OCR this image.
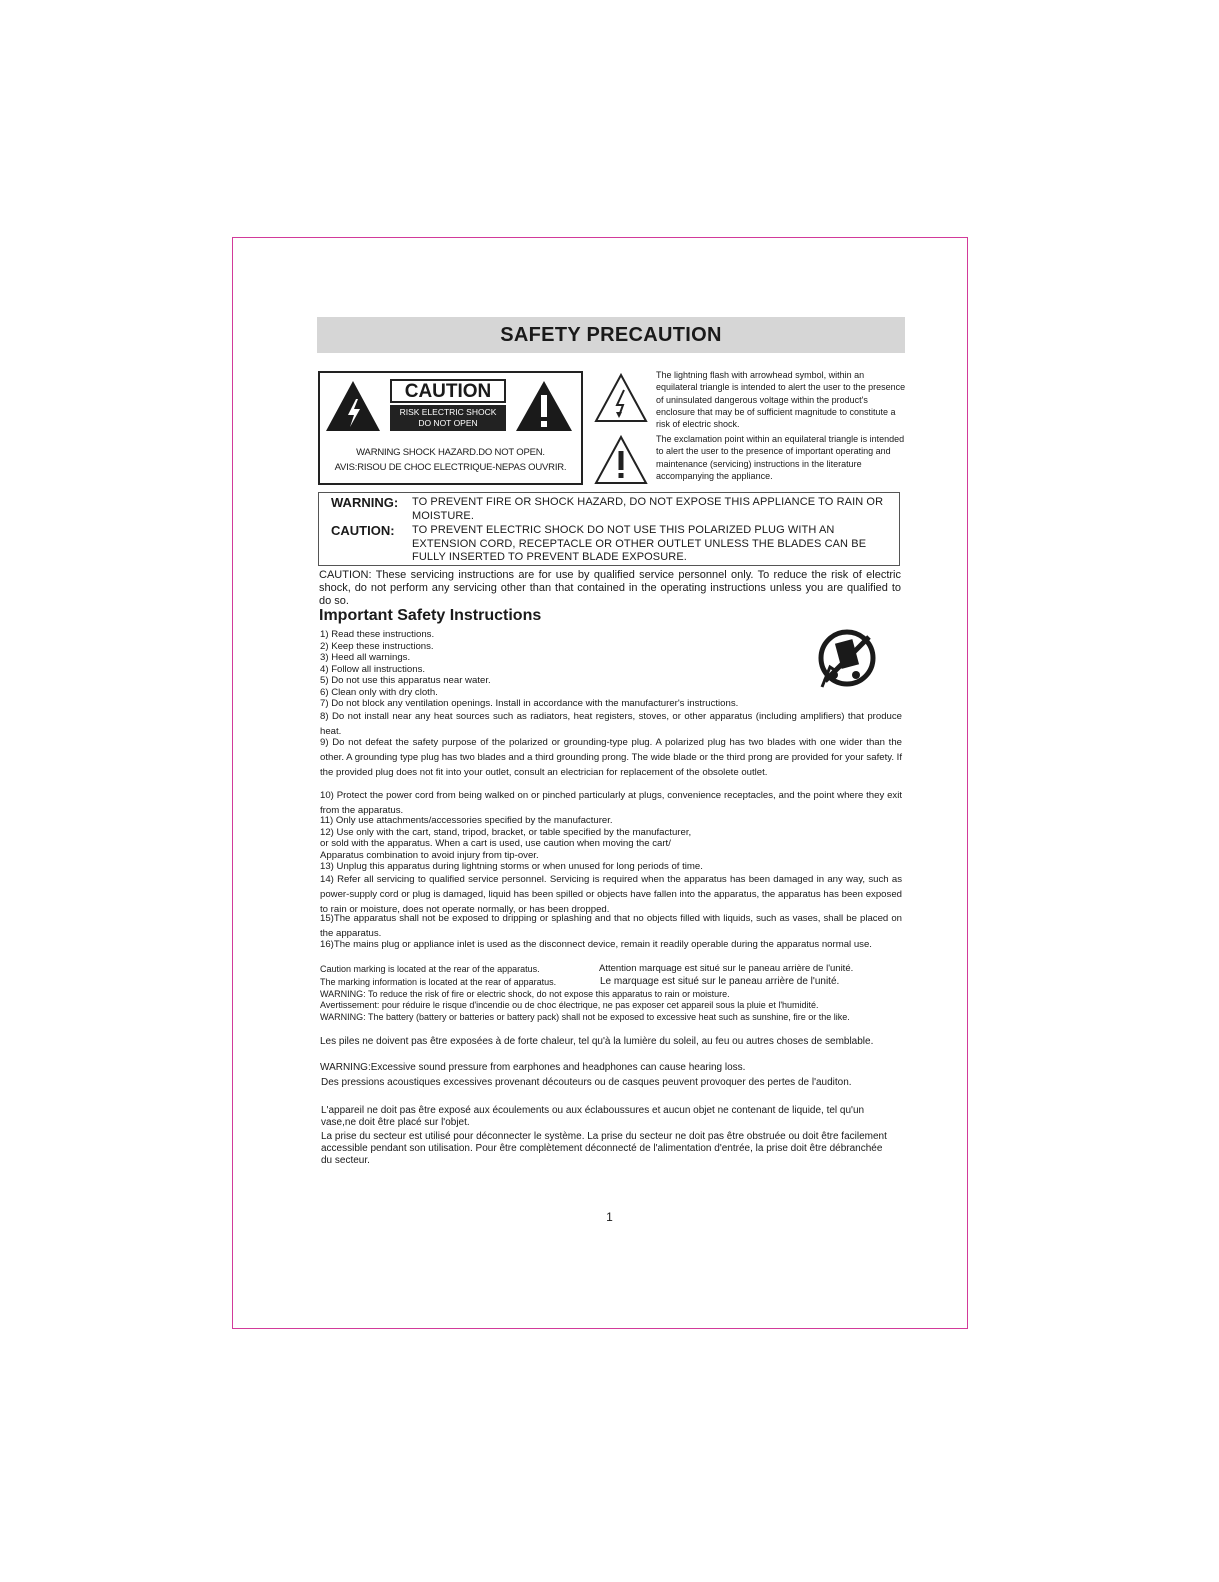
SAFETY PRECAUTION
CAUTION
RISK ELECTRIC SHOCK
DO NOT OPEN
WARNING SHOCK HAZARD.DO NOT OPEN.
AVIS:RISOU DE CHOC ELECTRIQUE-NEPAS OUVRIR.
The lightning flash with arrowhead symbol, within an equilateral triangle is intended to alert the user to the presence of uninsulated dangerous voltage within the product's enclosure that may be of sufficient magnitude to constitute a risk of electric shock.
The exclamation point within an equilateral triangle is intended to alert the user to the presence of important operating and maintenance (servicing) instructions in the literature accompanying the appliance.
WARNING: TO PREVENT FIRE OR SHOCK HAZARD, DO NOT EXPOSE THIS APPLIANCE TO RAIN OR MOISTURE.
CAUTION: TO PREVENT ELECTRIC SHOCK DO NOT USE THIS POLARIZED PLUG WITH AN EXTENSION CORD, RECEPTACLE OR OTHER OUTLET UNLESS THE BLADES CAN BE FULLY INSERTED TO PREVENT BLADE EXPOSURE.
CAUTION: These servicing instructions are for use by qualified service personnel only. To reduce the risk of electric shock, do not perform any servicing other than that contained in the operating instructions unless you are qualified to do so.
Important Safety Instructions
1) Read these instructions.
2) Keep these instructions.
3) Heed all warnings.
4) Follow all instructions.
5) Do not use this apparatus near water.
6) Clean only with dry cloth.
7) Do not block any ventilation openings. Install in accordance with the manufacturer's instructions.
8) Do not install near any heat sources such as radiators, heat registers, stoves, or other apparatus (including amplifiers) that produce heat.
9) Do not defeat the safety purpose of the polarized or grounding-type plug. A polarized plug has two blades with one wider than the other. A grounding type plug has two blades and a third grounding prong. The wide blade or the third prong are provided for your safety. If the provided plug does not fit into your outlet, consult an electrician for replacement of the obsolete outlet.
10) Protect the power cord from being walked on or pinched particularly at plugs, convenience receptacles, and the point where they exit from the apparatus.
11) Only use attachments/accessories specified by the manufacturer.
12) Use only with the cart, stand, tripod, bracket, or table specified by the manufacturer,
or sold with the apparatus. When a cart is used, use caution when moving the cart/
Apparatus combination to avoid injury from tip-over.
13) Unplug this apparatus during lightning storms or when unused for long periods of time.
14) Refer all servicing to qualified service personnel. Servicing is required when the apparatus has been damaged in any way, such as power-supply cord or plug is damaged, liquid has been spilled or objects have fallen into the apparatus, the apparatus has been exposed to rain or moisture, does not operate normally, or has been dropped.
15)The apparatus shall not be exposed to dripping or splashing and that no objects filled with liquids, such as vases, shall be placed on the apparatus.
16)The mains plug or appliance inlet is used as the disconnect device, remain it readily operable during the apparatus normal use.
Caution marking is located at the rear of the apparatus.	Attention marquage est situé sur le paneau arrière de l'unité.
The marking information is located at the rear of apparatus.	Le marquage est situé sur le paneau arrière de l'unité.
WARNING: To reduce the risk of fire or electric shock, do not expose this apparatus to rain or moisture.
Avertissement: pour réduire le risque d'incendie ou de choc électrique, ne pas exposer cet appareil sous la pluie et l'humidité.
WARNING: The battery (battery or batteries or battery pack) shall not be exposed to excessive heat such as sunshine, fire or the like.
Les piles ne doivent pas être exposées à de forte chaleur, tel qu'à la lumière du soleil, au feu ou autres choses de semblable.
WARNING:Excessive sound pressure from earphones and headphones can cause hearing loss.
Des pressions acoustiques excessives provenant découteurs ou de casques peuvent provoquer des pertes de l'auditon.
L'appareil ne doit pas être exposé aux écoulements ou aux éclaboussures et aucun objet ne contenant de liquide, tel qu'un vase,ne doit être placé sur l'objet.
La prise du secteur est utilisé pour déconnecter le système. La prise du secteur ne doit pas être obstruée ou doit être facilement accessible pendant son utilisation. Pour être complètement déconnecté de l'alimentation d'entrée, la prise doit être débranchée du secteur.
1
